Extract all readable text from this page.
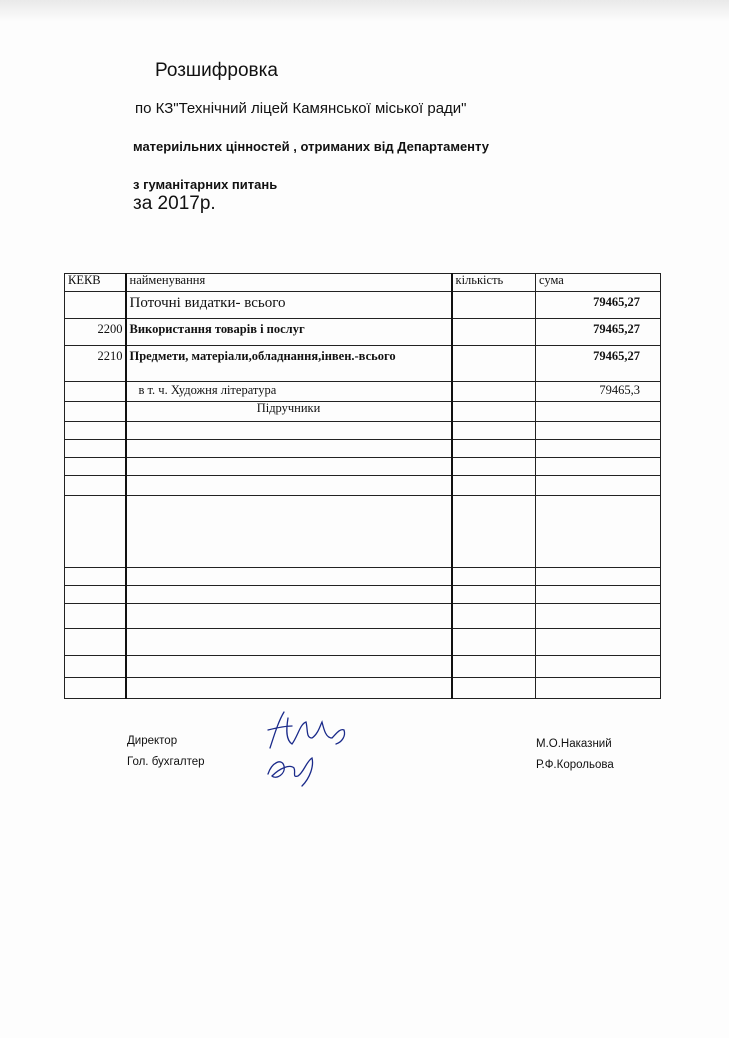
Розшифровка
по КЗ"Технічний ліцей Камянської міської ради"
материільних цінностей , отриманих від Департаменту
з гуманітарних питань
за 2017р.
КЕКВ	найменування	кількість	сума
	Поточні видатки- всього		79465,27
2200	Використання товарів і послуг		79465,27
2210	Предмети, матеріали,обладнання,інвен.-всього		79465,27
	в т. ч. Художня література		79465,3
	Підручники		

Директор
Гол. бухгалтер
М.О.Наказний
Р.Ф.Корольова
